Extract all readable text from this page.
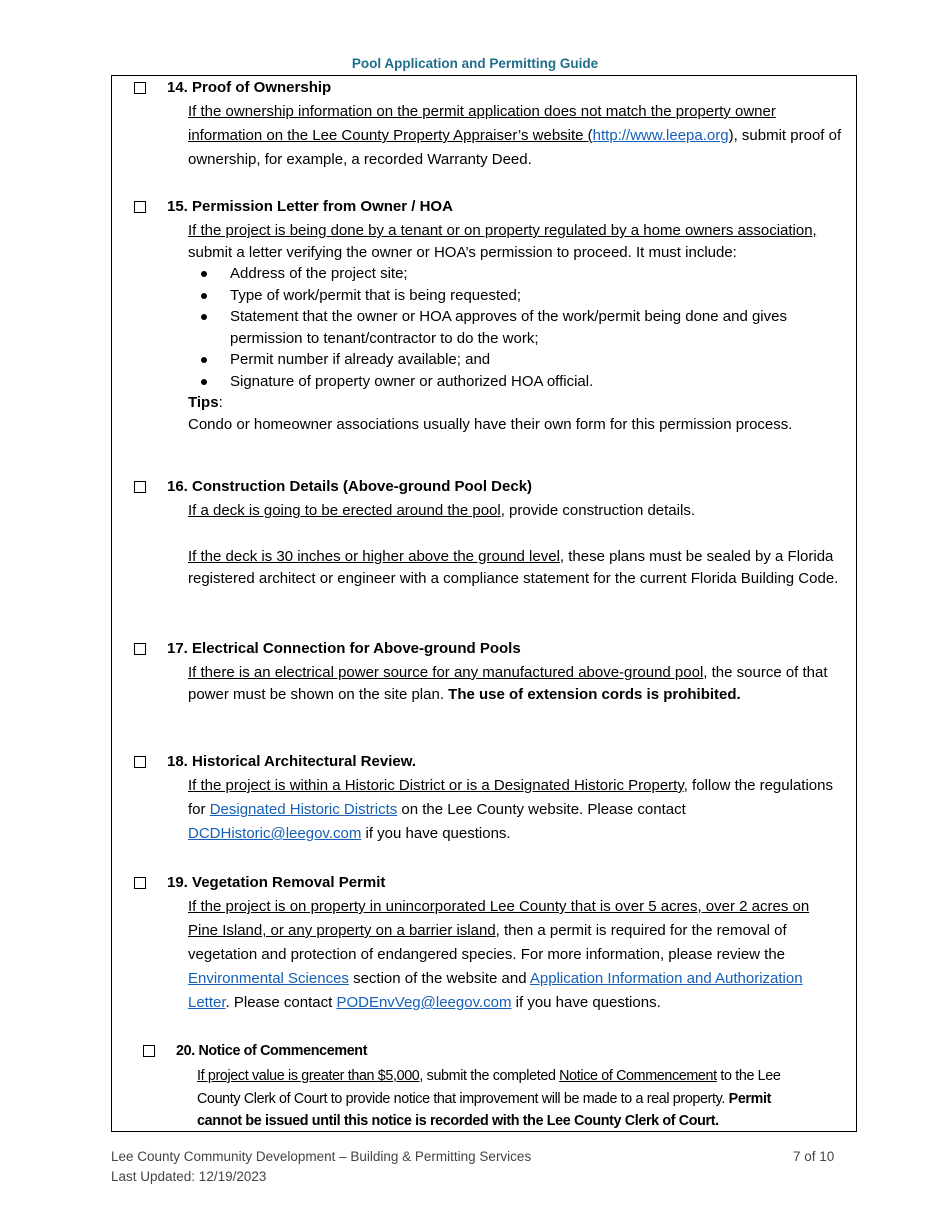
Pool Application and Permitting Guide
14. Proof of Ownership
If the ownership information on the permit application does not match the property owner information on the Lee County Property Appraiser’s website (http://www.leepa.org), submit proof of ownership, for example, a recorded Warranty Deed.
15. Permission Letter from Owner / HOA

If the project is being done by a tenant or on property regulated by a home owners association, submit a letter verifying the owner or HOA’s permission to proceed. It must include:

Address of the project site;
Type of work/permit that is being requested;
Statement that the owner or HOA approves of the work/permit being done and gives permission to tenant/contractor to do the work;
Permit number if already available; and
Signature of property owner or authorized HOA official.

Tips:

Condo or homeowner associations usually have their own form for this permission process.

16. Construction Details (Above-ground Pool Deck)

If a deck is going to be erected around the pool, provide construction details.

If the deck is 30 inches or higher above the ground level, these plans must be sealed by a Florida registered architect or engineer with a compliance statement for the current Florida Building Code.

17. Electrical Connection for Above-ground Pools
If there is an electrical power source for any manufactured above-ground pool, the source of that power must be shown on the site plan. The use of extension cords is prohibited.
18. Historical Architectural Review.
If the project is within a Historic District or is a Designated Historic Property, follow the regulations for Designated Historic Districts on the Lee County website. Please contact DCDHistoric@leegov.com if you have questions.
19. Vegetation Removal Permit
If the project is on property in unincorporated Lee County that is over 5 acres, over 2 acres on Pine Island, or any property on a barrier island, then a permit is required for the removal of vegetation and protection of endangered species. For more information, please review the Environmental Sciences section of the website and Application Information and Authorization Letter. Please contact PODEnvVeg@leegov.com if you have questions.
20. Notice of Commencement
If project value is greater than $5,000, submit the completed Notice of Commencement to the Lee County Clerk of Court to provide notice that improvement will be made to a real property. Permit cannot be issued until this notice is recorded with the Lee County Clerk of Court.
Lee County Community Development – Building & Permitting Services
Last Updated: 12/19/2023
7 of 10
